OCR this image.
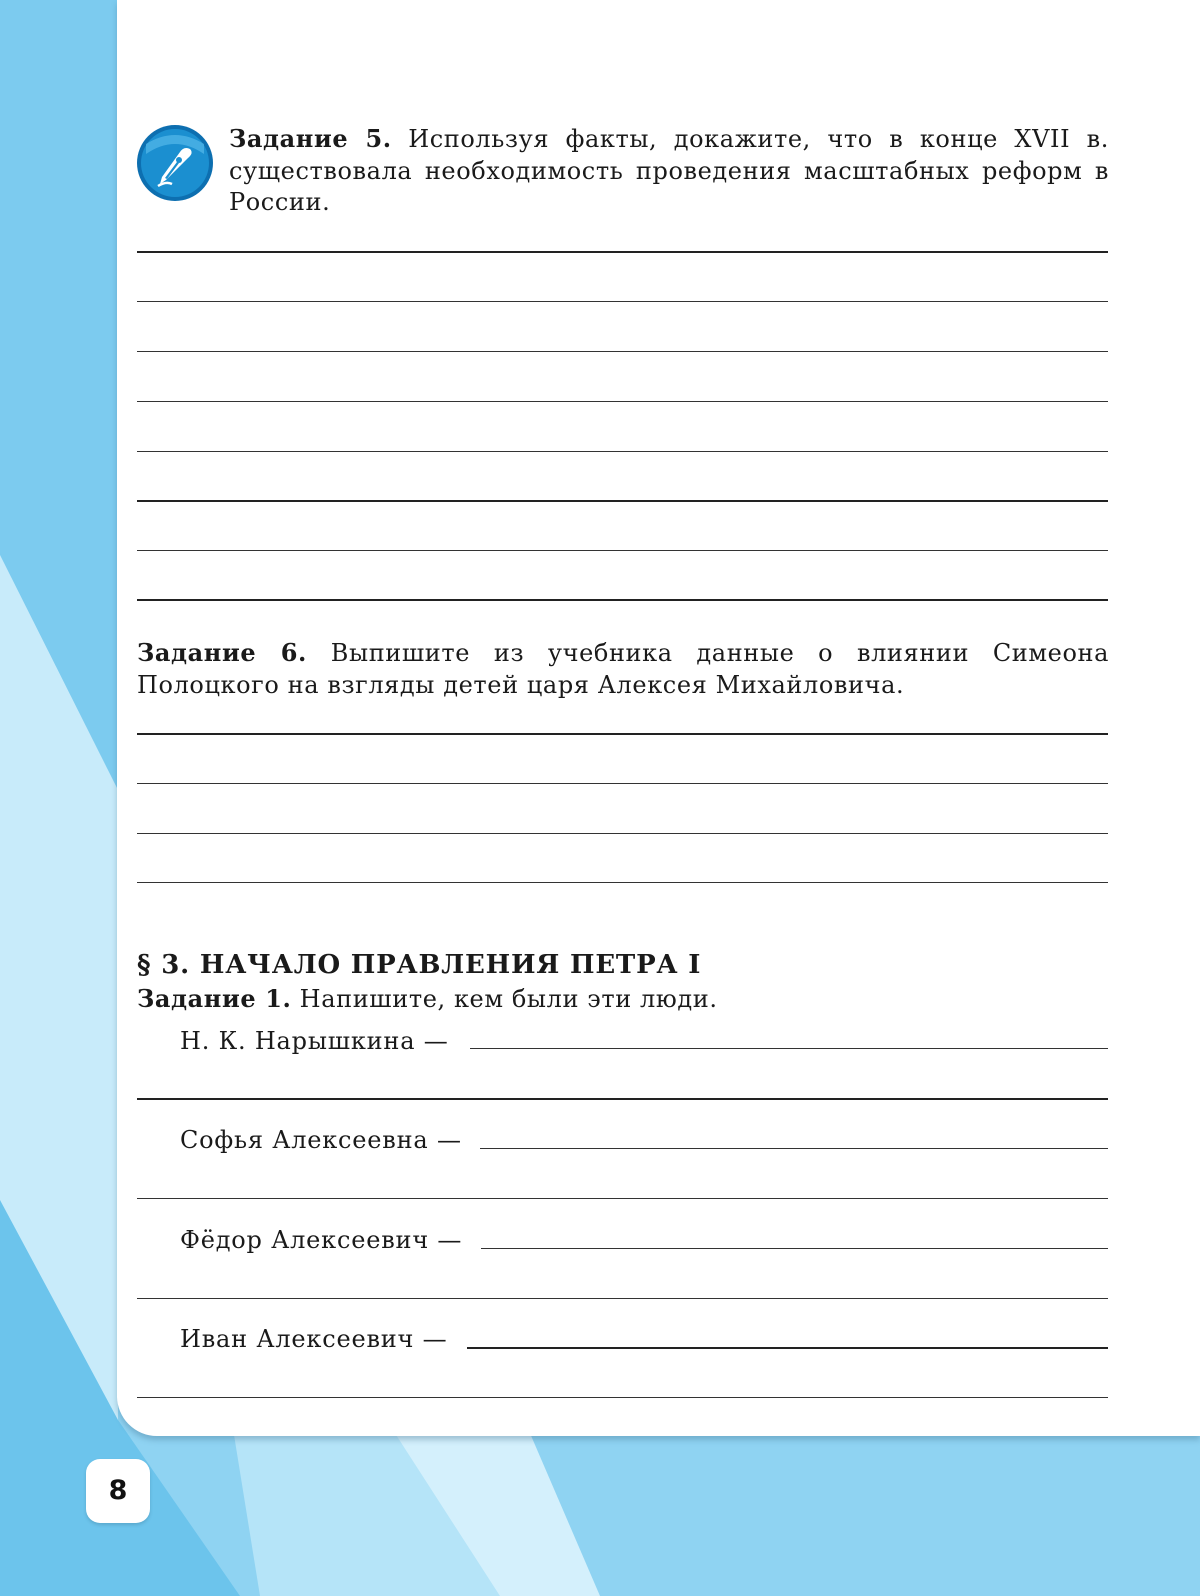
Задание 5. Используя факты, докажите, что в конце XVII в. существовала необходимость проведения масштабных реформ в России.

Задание 6. Выпишите из учебника данные о влиянии Симеона Полоцкого на взгляды детей царя Алексея Михайловича.

§ 3. НАЧАЛО ПРАВЛЕНИЯ ПЕТРА I

Задание 1. Напишите, кем были эти люди.

Н. К. Нарышкина —
Софья Алексеевна —
Фёдор Алексеевич —
Иван Алексеевич —
8
